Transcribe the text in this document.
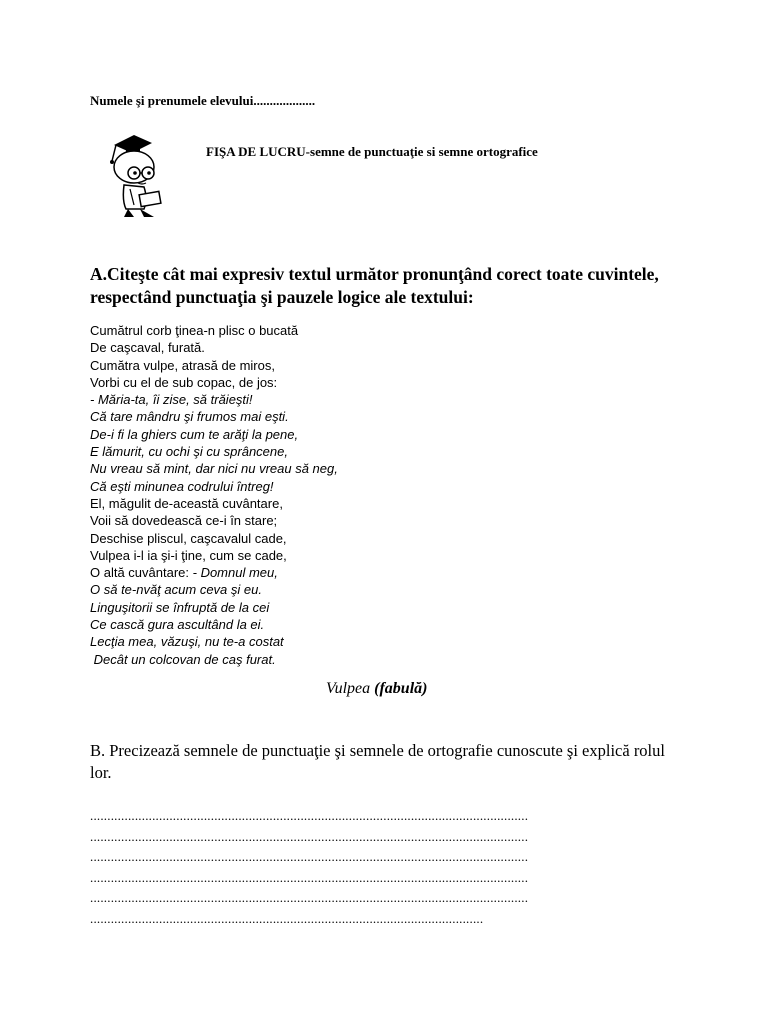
Numele şi prenumele elevului...................
FIŞA DE LUCRU-semne de punctuaţie si semne ortografice
A.Citeşte cât mai expresiv textul următor pronunţând corect toate cuvintele, respectând punctuaţia şi pauzele logice ale textului:
Cumătrul corb ţinea-n plisc o bucată
De caşcaval, furată.
Cumătra vulpe, atrasă de miros,
Vorbi cu el de sub copac, de jos:
- Măria-ta, îi zise, să trăieşti!
Că tare mândru şi frumos mai eşti.
De-i fi la ghiers cum te arăţi la pene,
E lămurit, cu ochi şi cu sprâncene,
Nu vreau să mint, dar nici nu vreau să neg,
Că eşti minunea codrului întreg!
El, măgulit de-această cuvântare,
Voii să dovedească ce-i în stare;
Deschise pliscul, caşcavalul cade,
Vulpea i-l ia şi-i ţine, cum se cade,
O altă cuvântare: - Domnul meu,
O să te-nvăţ acum ceva şi eu.
Linguşitorii se înfruptă de la cei
Ce cască gura ascultând la ei.
Lecţia mea, văzuşi, nu te-a costat
Decât un colcovan de caş furat.
Vulpea (fabulă)
B. Precizează semnele de punctuaţie şi semnele de ortografie cunoscute şi explică rolul lor.
...............................................................................................................................
...............................................................................................................................
...............................................................................................................................
...............................................................................................................................
...............................................................................................................................
..................................................................................................................
